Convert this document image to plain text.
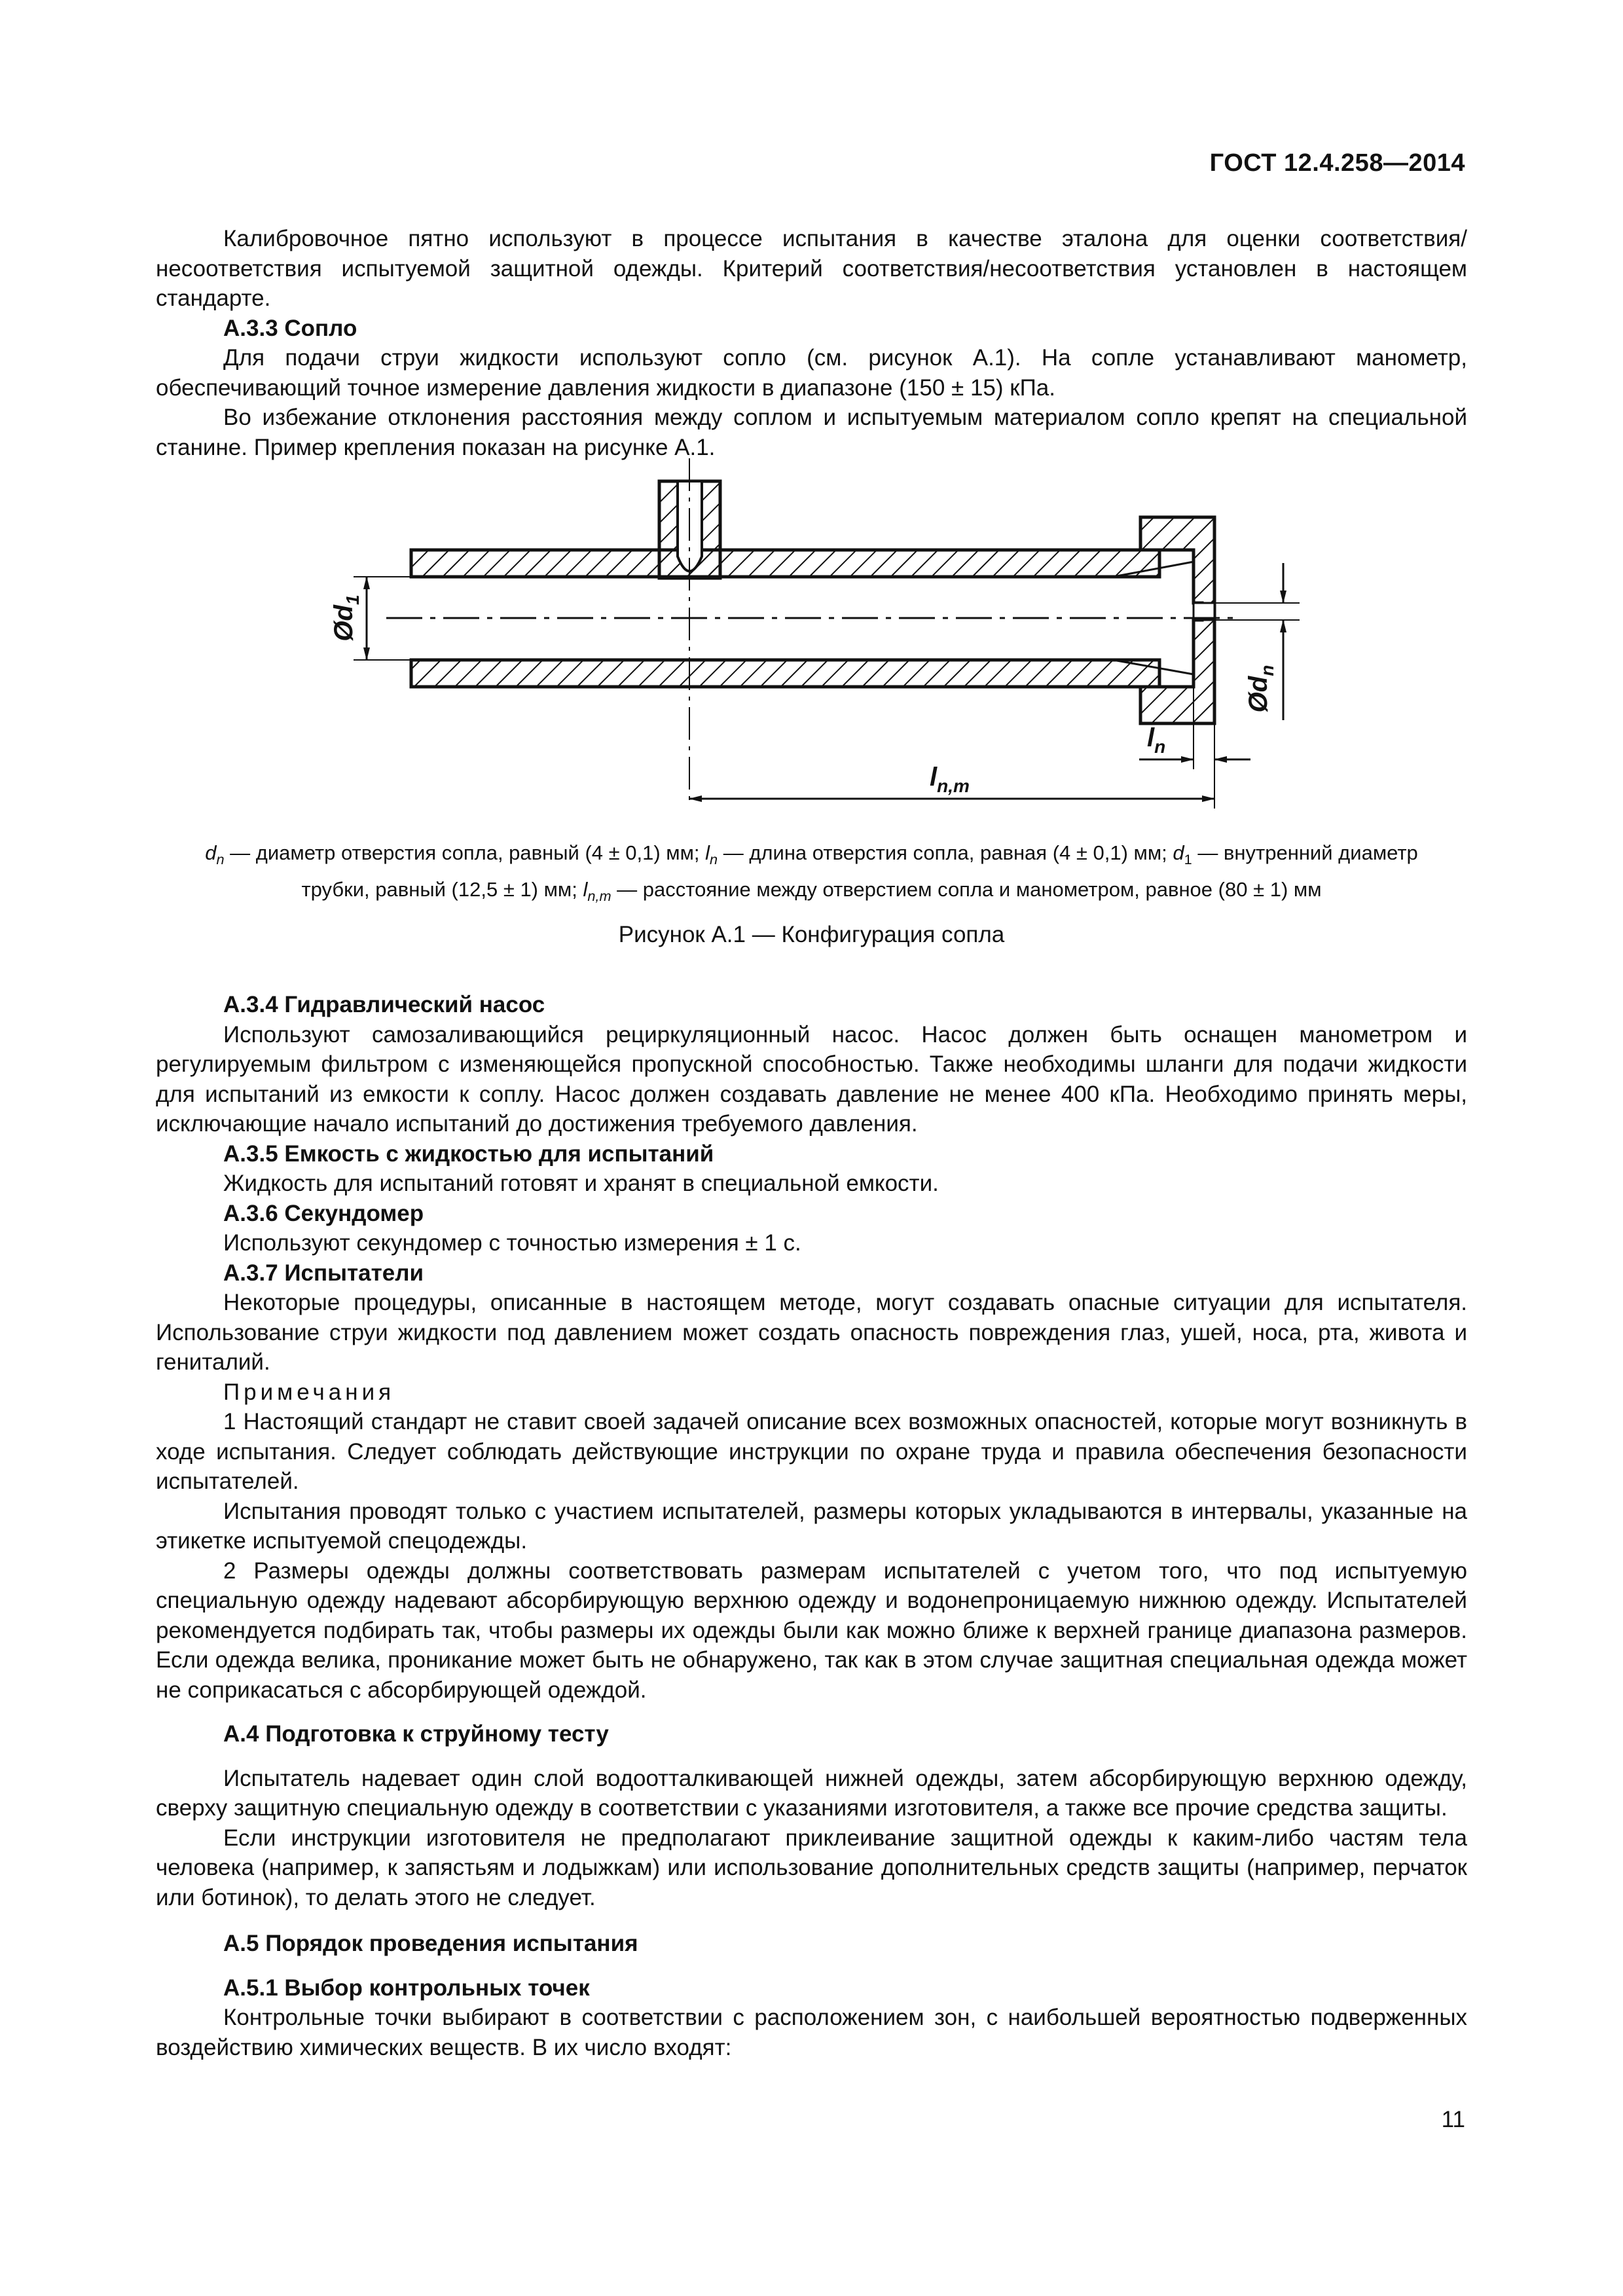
ГОСТ 12.4.258—2014

Калибровочное пятно используют в процессе испытания в качестве эталона для оценки соответствия/несоответствия испытуемой защитной одежды. Критерий соответствия/несоответствия установлен в настоящем стандарте.

А.3.3 Сопло

Для подачи струи жидкости используют сопло (см. рисунок А.1). На сопле устанавливают манометр, обеспечивающий точное измерение давления жидкости в диапазоне (150 ± 15) кПа.

Во избежание отклонения расстояния между соплом и испытуемым материалом сопло крепят на специальной станине. Пример крепления показан на рисунке А.1.

$Ød_1$
$Ød_n$
$l_n$
$l_{n,m}$
$d_n$ — диаметр отверстия сопла, равный (4 ± 0,1) мм; $l_n$ — длина отверстия сопла, равная (4 ± 0,1) мм; $d_1$ — внутренний диаметр
трубки, равный (12,5 ± 1) мм; $l_{n,m}$ — расстояние между отверстием сопла и манометром, равное (80 ± 1) мм
Рисунок А.1 — Конфигурация сопла

А.3.4 Гидравлический насос

Используют самозаливающийся рециркуляционный насос. Насос должен быть оснащен манометром и регулируемым фильтром с изменяющейся пропускной способностью. Также необходимы шланги для подачи жидкости для испытаний из емкости к соплу. Насос должен создавать давление не менее 400 кПа. Необходимо принять меры, исключающие начало испытаний до достижения требуемого давления.

А.3.5 Емкость с жидкостью для испытаний

Жидкость для испытаний готовят и хранят в специальной емкости.

А.3.6 Секундомер

Используют секундомер с точностью измерения ± 1 с.

А.3.7 Испытатели

Некоторые процедуры, описанные в настоящем методе, могут создавать опасные ситуации для испытателя. Использование струи жидкости под давлением может создать опасность повреждения глаз, ушей, носа, рта, живота и гениталий.

Примечания

1 Настоящий стандарт не ставит своей задачей описание всех возможных опасностей, которые могут возникнуть в ходе испытания. Следует соблюдать действующие инструкции по охране труда и правила обеспечения безопасности испытателей.

Испытания проводят только с участием испытателей, размеры которых укладываются в интервалы, указанные на этикетке испытуемой спецодежды.

2 Размеры одежды должны соответствовать размерам испытателей с учетом того, что под испытуемую специальную одежду надевают абсорбирующую верхнюю одежду и водонепроницаемую нижнюю одежду. Испытателей рекомендуется подбирать так, чтобы размеры их одежды были как можно ближе к верхней границе диапазона размеров. Если одежда велика, проникание может быть не обнаружено, так как в этом случае защитная специальная одежда может не соприкасаться с абсорбирующей одеждой.

А.4 Подготовка к струйному тесту

Испытатель надевает один слой водоотталкивающей нижней одежды, затем абсорбирующую верхнюю одежду, сверху защитную специальную одежду в соответствии с указаниями изготовителя, а также все прочие средства защиты.

Если инструкции изготовителя не предполагают приклеивание защитной одежды к каким-либо частям тела человека (например, к запястьям и лодыжкам) или использование дополнительных средств защиты (например, перчаток или ботинок), то делать этого не следует.

А.5 Порядок проведения испытания

А.5.1 Выбор контрольных точек

Контрольные точки выбирают в соответствии с расположением зон, с наибольшей вероятностью подверженных воздействию химических веществ. В их число входят:

11
